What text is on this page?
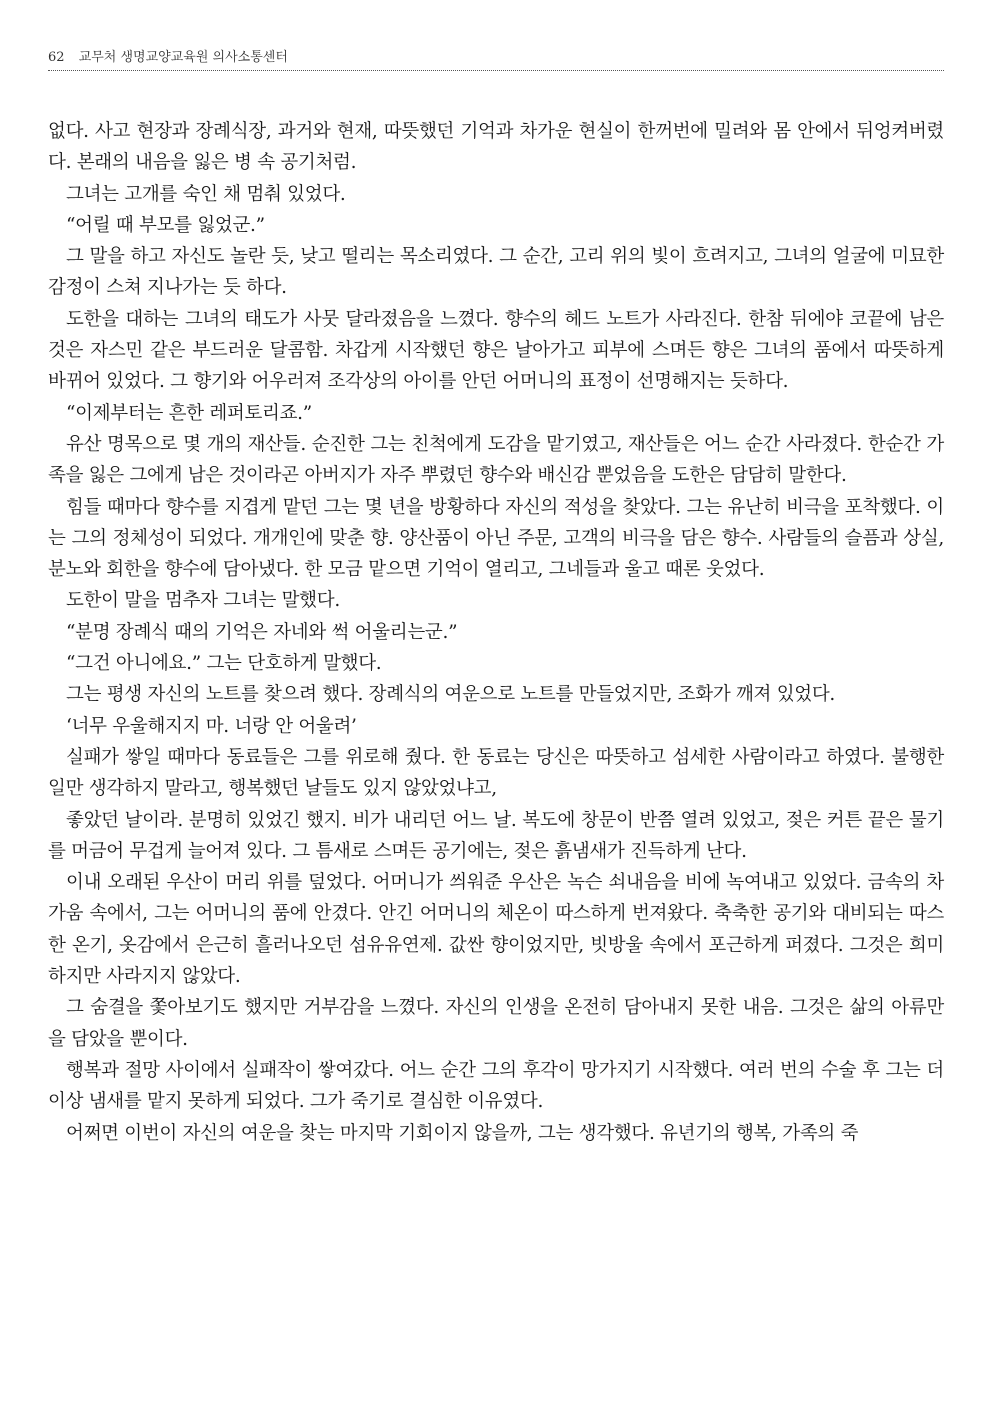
62 교무처 생명교양교육원 의사소통센터

없다. 사고 현장과 장례식장, 과거와 현재, 따뜻했던 기억과 차가운 현실이 한꺼번에 밀려와 몸 안에서 뒤엉켜버렸다. 본래의 내음을 잃은 병 속 공기처럼.

그녀는 고개를 숙인 채 멈춰 있었다.

“어릴 때 부모를 잃었군.”

그 말을 하고 자신도 놀란 듯, 낮고 떨리는 목소리였다. 그 순간, 고리 위의 빛이 흐려지고, 그녀의 얼굴에 미묘한 감정이 스쳐 지나가는 듯 하다.

도한을 대하는 그녀의 태도가 사뭇 달라졌음을 느꼈다. 향수의 헤드 노트가 사라진다. 한참 뒤에야 코끝에 남은 것은 자스민 같은 부드러운 달콤함. 차갑게 시작했던 향은 날아가고 피부에 스며든 향은 그녀의 품에서 따뜻하게 바뀌어 있었다. 그 향기와 어우러져 조각상의 아이를 안던 어머니의 표정이 선명해지는 듯하다.

“이제부터는 흔한 레퍼토리죠.”

유산 명목으로 몇 개의 재산들. 순진한 그는 친척에게 도감을 맡기였고, 재산들은 어느 순간 사라졌다. 한순간 가족을 잃은 그에게 남은 것이라곤 아버지가 자주 뿌렸던 향수와 배신감 뿐었음을 도한은 담담히 말한다.

힘들 때마다 향수를 지겹게 맡던 그는 몇 년을 방황하다 자신의 적성을 찾았다. 그는 유난히 비극을 포착했다. 이는 그의 정체성이 되었다. 개개인에 맞춘 향. 양산품이 아닌 주문, 고객의 비극을 담은 향수. 사람들의 슬픔과 상실, 분노와 회한을 향수에 담아냈다. 한 모금 맡으면 기억이 열리고, 그네들과 울고 때론 웃었다.

도한이 말을 멈추자 그녀는 말했다.

“분명 장례식 때의 기억은 자네와 썩 어울리는군.”

“그건 아니에요.” 그는 단호하게 말했다.

그는 평생 자신의 노트를 찾으려 했다. 장례식의 여운으로 노트를 만들었지만, 조화가 깨져 있었다.

‘너무 우울해지지 마. 너랑 안 어울려’

실패가 쌓일 때마다 동료들은 그를 위로해 줬다. 한 동료는 당신은 따뜻하고 섬세한 사람이라고 하였다. 불행한 일만 생각하지 말라고, 행복했던 날들도 있지 않았었냐고,

좋았던 날이라. 분명히 있었긴 했지. 비가 내리던 어느 날. 복도에 창문이 반쯤 열려 있었고, 젖은 커튼 끝은 물기를 머금어 무겁게 늘어져 있다. 그 틈새로 스며든 공기에는, 젖은 흙냄새가 진득하게 난다.

이내 오래된 우산이 머리 위를 덮었다. 어머니가 씌워준 우산은 녹슨 쇠내음을 비에 녹여내고 있었다. 금속의 차가움 속에서, 그는 어머니의 품에 안겼다. 안긴 어머니의 체온이 따스하게 번져왔다. 축축한 공기와 대비되는 따스한 온기, 옷감에서 은근히 흘러나오던 섬유유연제. 값싼 향이었지만, 빗방울 속에서 포근하게 퍼졌다. 그것은 희미하지만 사라지지 않았다.

그 숨결을 쫓아보기도 했지만 거부감을 느꼈다. 자신의 인생을 온전히 담아내지 못한 내음. 그것은 삶의 아류만을 담았을 뿐이다.

행복과 절망 사이에서 실패작이 쌓여갔다. 어느 순간 그의 후각이 망가지기 시작했다. 여러 번의 수술 후 그는 더 이상 냄새를 맡지 못하게 되었다. 그가 죽기로 결심한 이유였다.

어쩌면 이번이 자신의 여운을 찾는 마지막 기회이지 않을까, 그는 생각했다. 유년기의 행복, 가족의 죽
